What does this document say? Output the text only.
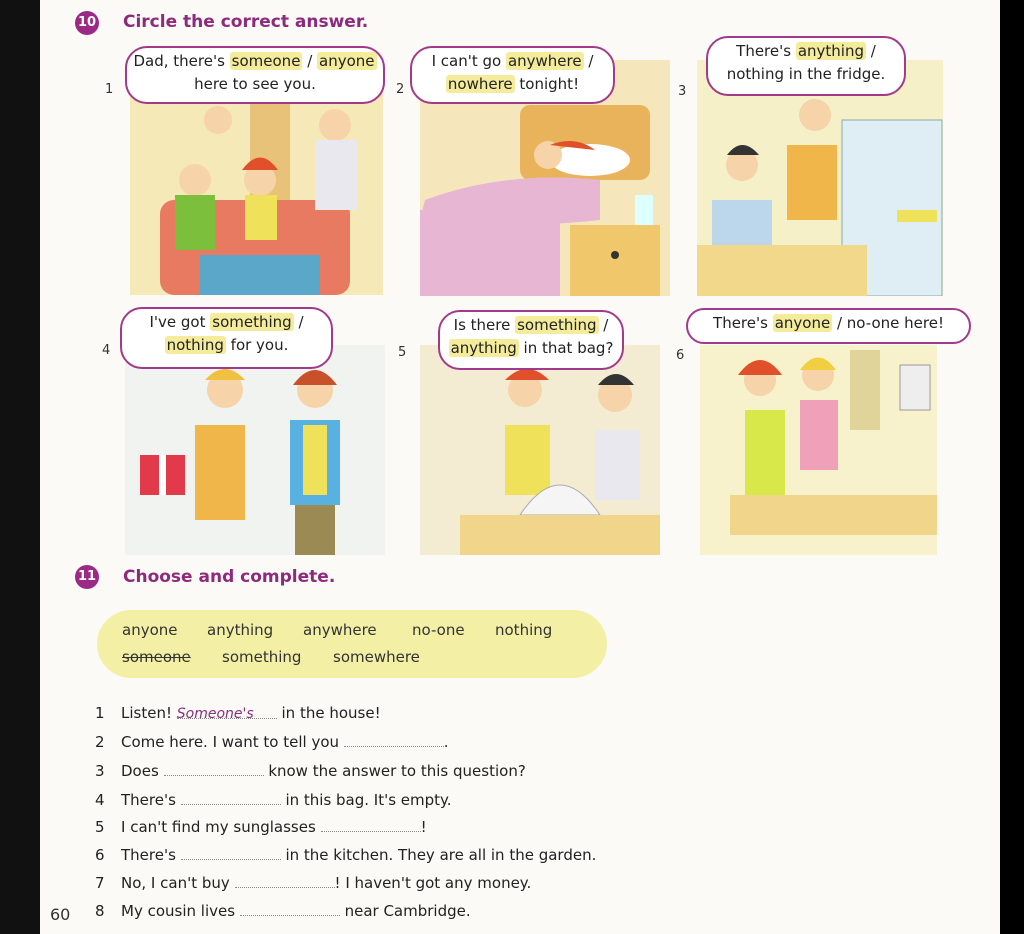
10 Circle the correct answer.
1
Dad, there's someone / anyone here to see you.	2
I can't go anywhere / nowhere tonight!	3
There's anything / nothing in the fridge.
4
I've got something / nothing for you.	5
Is there something / anything in that bag?	6
There's anyone / no-one here!
11 Choose and complete.
anyone anything anywhere no-one nothing
someone something somewhere
1 Listen! Someone's in the house!
2 Come here. I want to tell you	.
3 Does	know the answer to this question?
4 There's	in this bag. It's empty.
5 I can't find my sunglasses	!
6 There's	in the kitchen. They are all in the garden.
7 No, I can't buy	! I haven't got any money.
8 My cousin lives	near Cambridge.
60
